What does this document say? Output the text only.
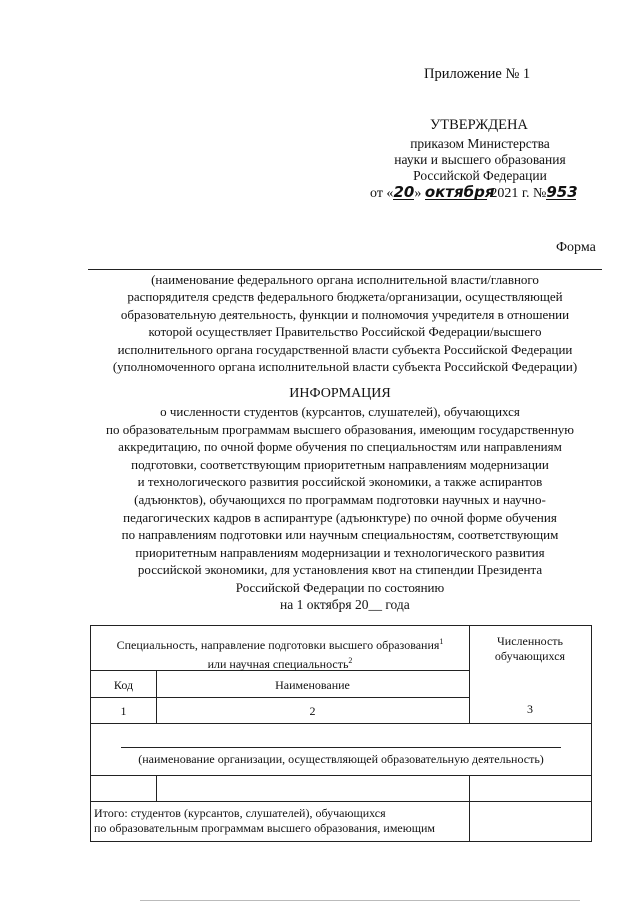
Приложение № 1
УТВЕРЖДЕНА
приказом Министерства
науки и высшего образования
Российской Федерации
от «20» октября 2021 г. №953
Форма
(наименование федерального органа исполнительной власти/главного
распорядителя средств федерального бюджета/организации, осуществляющей
образовательную деятельность, функции и полномочия учредителя в отношении
которой осуществляет Правительство Российской Федерации/высшего
исполнительного органа государственной власти субъекта Российской Федерации
(уполномоченного органа исполнительной власти субъекта Российской Федерации)
ИНФОРМАЦИЯ
о численности студентов (курсантов, слушателей), обучающихся
по образовательным программам высшего образования, имеющим государственную
аккредитацию, по очной форме обучения по специальностям или направлениям
подготовки, соответствующим приоритетным направлениям модернизации
и технологического развития российской экономики, а также аспирантов
(адъюнктов), обучающихся по программам подготовки научных и научно-
педагогических кадров в аспирантуре (адъюнктуре) по очной форме обучения
по направлениям подготовки или научным специальностям, соответствующим
приоритетным направлениям модернизации и технологического развития
российской экономики, для установления квот на стипендии Президента
Российской Федерации по состоянию
на 1 октября 20__ года
Специальность, направление подготовки высшего образования$^1$
или научная специальность$^2$
Численность
обучающихся
Код	Наименование
1	2	3
(наименование организации, осуществляющей образовательную деятельность)
Итого: студентов (курсантов, слушателей), обучающихся
по образовательным программам высшего образования, имеющим
